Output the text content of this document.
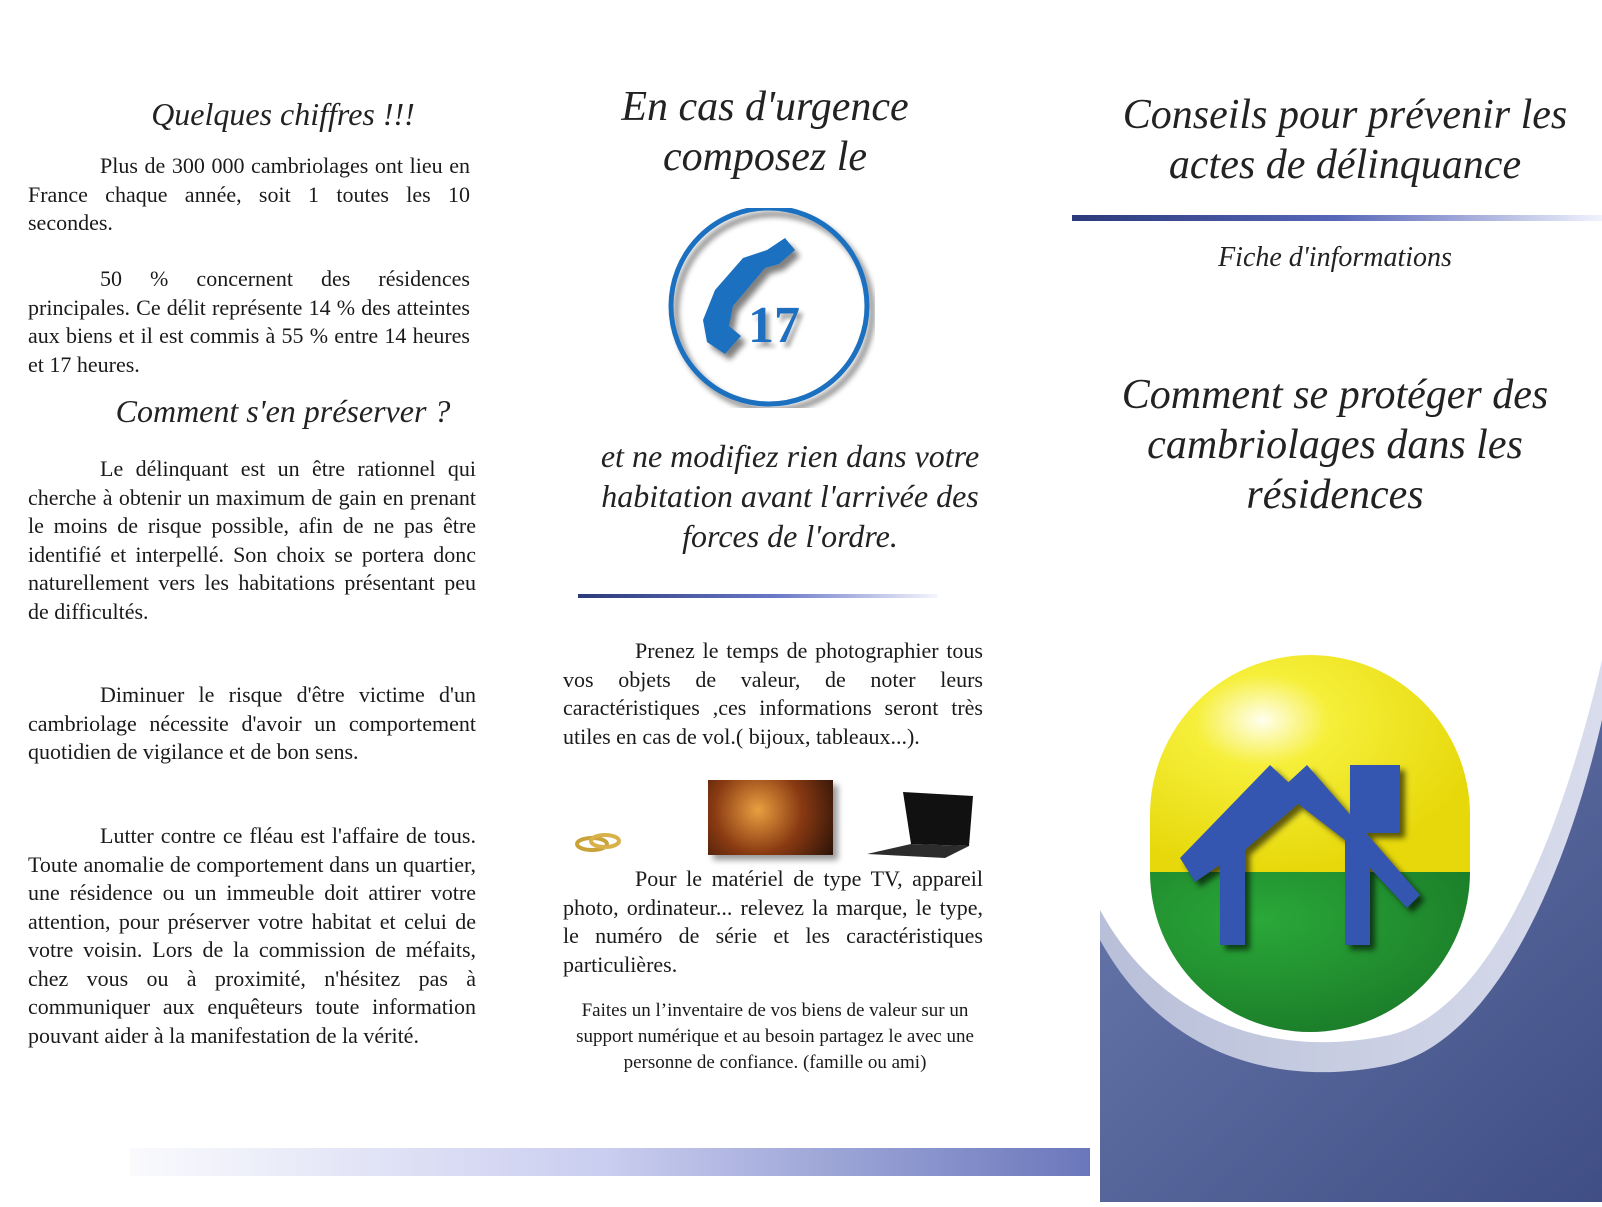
Quelques chiffres !!!

Plus de 300 000 cambriolages ont lieu en France chaque année, soit 1 toutes les 10 secondes.

50 % concernent des résidences principales. Ce délit représente 14 % des atteintes aux biens et il est commis à 55 % entre 14 heures et 17 heures.

Comment s'en préserver ?

Le délinquant est un être rationnel qui cherche à obtenir un maximum de gain en prenant le moins de risque possible, afin de ne pas être identifié et interpellé. Son choix se portera donc naturellement vers les habitations présentant peu de difficultés.

Diminuer le risque d'être victime d'un cambriolage nécessite d'avoir un comportement quotidien de vigilance et de bon sens.

Lutter contre ce fléau est l'affaire de tous. Toute anomalie de comportement dans un quartier, une résidence ou un immeuble doit attirer votre attention, pour préserver votre habitat et celui de votre voisin. Lors de la commission de méfaits, chez vous ou à proximité, n'hésitez pas à communiquer aux enquêteurs toute information pouvant aider à la manifestation de la vérité.

En cas d'urgence
composez le
17
et ne modifiez rien dans votre habitation avant l'arrivée des forces de l'ordre.

Prenez le temps de photographier tous vos objets de valeur, de noter leurs caractéristiques ,ces informations seront très utiles en cas de vol.( bijoux, tableaux...).

Pour le matériel de type TV, appareil photo, ordinateur... relevez la marque, le type, le numéro de série et les caractéristiques particulières.

Faites un l’inventaire de vos biens de valeur sur un support numérique et au besoin partagez le avec une personne de confiance. (famille ou ami)

Conseils pour prévenir les actes de délinquance
Fiche d'informations
Comment se protéger des cambriolages dans les résidences
